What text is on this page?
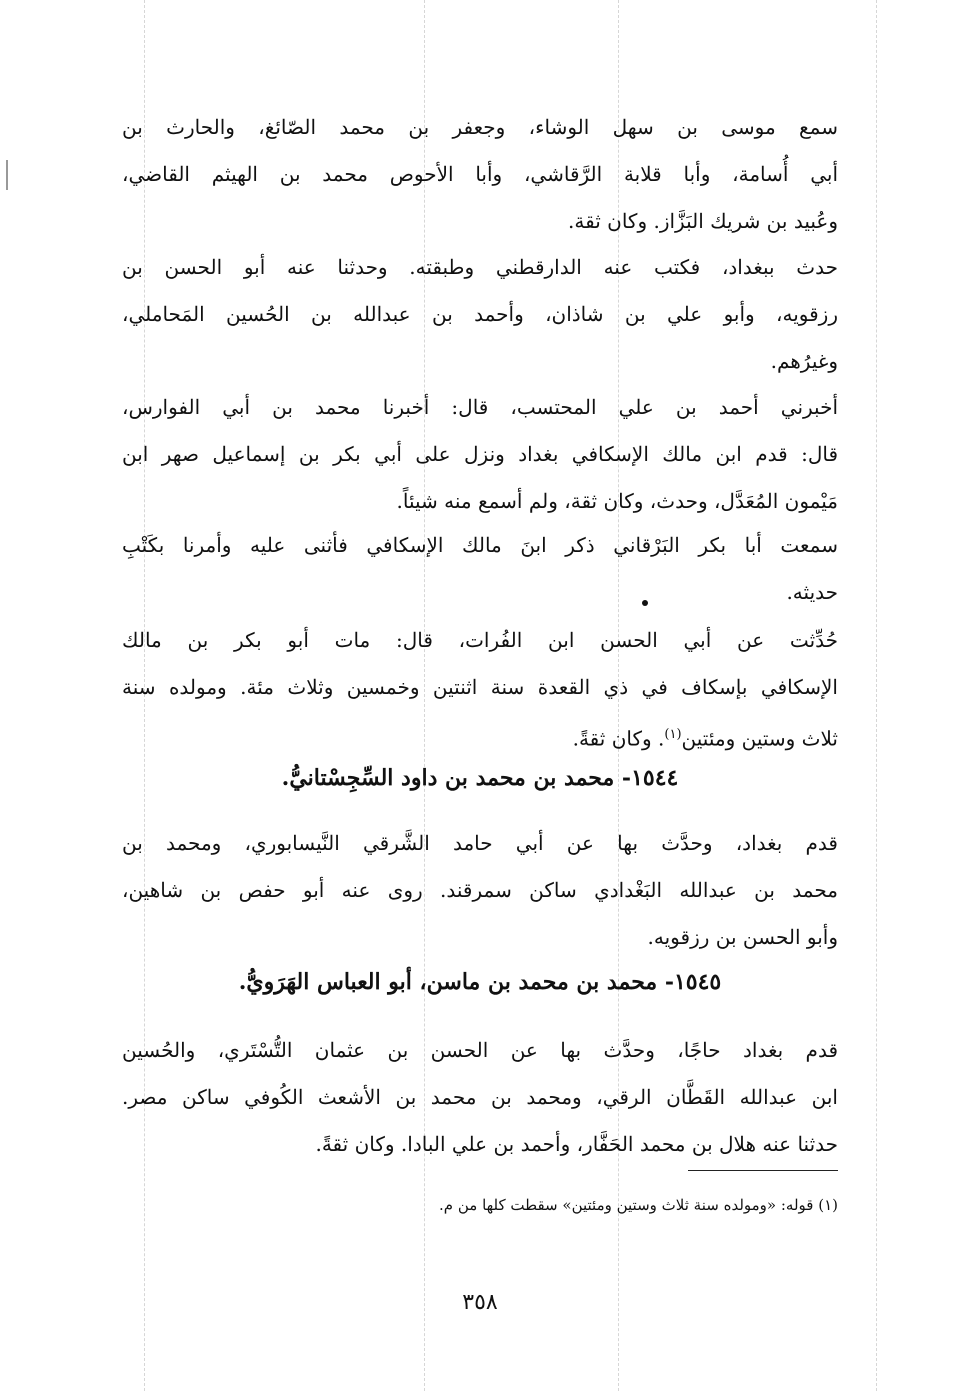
سمع موسى بن سهل الوشاء، وجعفر بن محمد الصّائغ، والحارث بن
أبي أُسامة، وأبا قلابة الرَّقاشي، وأبا الأحوص محمد بن الهيثم القاضي،
وعُبيد بن شريك البَزَّاز. وكان ثقة.
حدث ببغداد، فكتب عنه الدارقطني وطبقته. وحدثنا عنه أبو الحسن بن
رزقويه، وأبو علي بن شاذان، وأحمد بن عبدالله بن الحُسين المَحاملي،
وغيرُهم.
أخبرني أحمد بن علي المحتسب، قال: أخبرنا محمد بن أبي الفوارس،
قال: قدم ابن مالك الإسكافي بغداد ونزل على أبي بكر بن إسماعيل صهر ابن
مَيْمون المُعَدَّل، وحدث، وكان ثقة، ولم أسمع منه شيئاً.
سمعت أبا بكر البَرْقاني ذكر ابنَ مالك الإسكافي فأثنى عليه وأمرنا بكَتْبِ
حديثه.
حُدِّثت عن أبي الحسن ابن الفُرات، قال: مات أبو بكر بن مالك
الإسكافي بإسكاف في ذي القعدة سنة اثنتين وخمسين وثلاث مئة. ومولده سنة
ثلاث وستين ومئتين$^{(١)}$. وكان ثقةً.
١٥٤٤- محمد بن محمد بن داود السِّجِسْتانيُّ.
قدم بغداد، وحدَّث بها عن أبي حامد الشَّرقي النَّيسابوري، ومحمد بن
محمد بن عبدالله البَغْدادي ساكن سمرقند. روى عنه أبو حفص بن شاهين،
وأبو الحسن بن رزقويه.
١٥٤٥- محمد بن محمد بن ماسن، أبو العباس الهَرَويُّ.
قدم بغداد حاجًا، وحدَّث بها عن الحسن بن عثمان التُّسْتَري، والحُسين
ابن عبدالله القَطَّان الرقي، ومحمد بن محمد بن الأشعث الكُوفي ساكن مصر.
حدثنا عنه هلال بن محمد الحَفَّار، وأحمد بن علي البادا. وكان ثقةً.
(١) قوله: «ومولده سنة ثلاث وستين ومئتين» سقطت كلها من م.
٣٥٨
